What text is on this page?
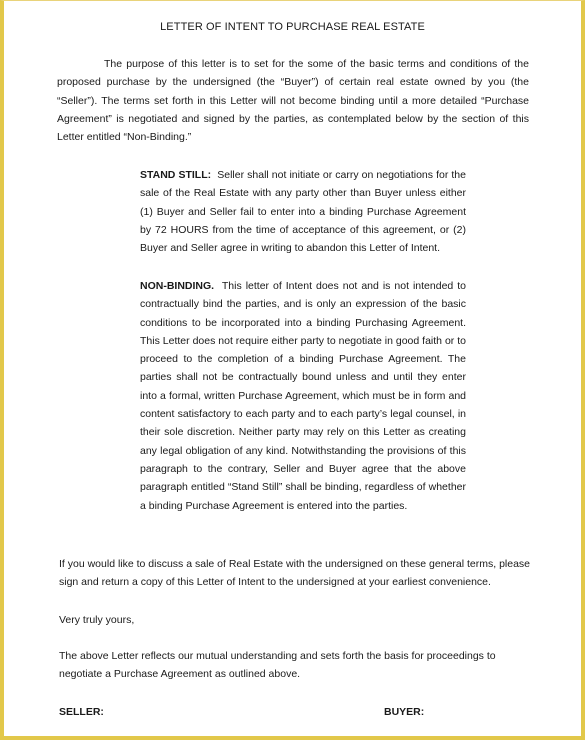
LETTER OF INTENT TO PURCHASE REAL ESTATE

The purpose of this letter is to set for the some of the basic terms and conditions of the proposed purchase by the undersigned (the “Buyer”) of certain real estate owned by you (the “Seller”). The terms set forth in this Letter will not become binding until a more detailed “Purchase Agreement” is negotiated and signed by the parties, as contemplated below by the section of this Letter entitled “Non-Binding.”

STAND STILL: Seller shall not initiate or carry on negotiations for the sale of the Real Estate with any party other than Buyer unless either (1) Buyer and Seller fail to enter into a binding Purchase Agreement by 72 HOURS from the time of acceptance of this agreement, or (2) Buyer and Seller agree in writing to abandon this Letter of Intent.

NON-BINDING. This letter of Intent does not and is not intended to contractually bind the parties, and is only an expression of the basic conditions to be incorporated into a binding Purchasing Agreement. This Letter does not require either party to negotiate in good faith or to proceed to the completion of a binding Purchase Agreement. The parties shall not be contractually bound unless and until they enter into a formal, written Purchase Agreement, which must be in form and content satisfactory to each party and to each party’s legal counsel, in their sole discretion. Neither party may rely on this Letter as creating any legal obligation of any kind. Notwithstanding the provisions of this paragraph to the contrary, Seller and Buyer agree that the above paragraph entitled “Stand Still” shall be binding, regardless of whether a binding Purchase Agreement is entered into the parties.

If you would like to discuss a sale of Real Estate with the undersigned on these general terms, please sign and return a copy of this Letter of Intent to the undersigned at your earliest convenience.

Very truly yours,

The above Letter reflects our mutual understanding and sets forth the basis for proceedings to negotiate a Purchase Agreement as outlined above.

SELLER:	BUYER:
